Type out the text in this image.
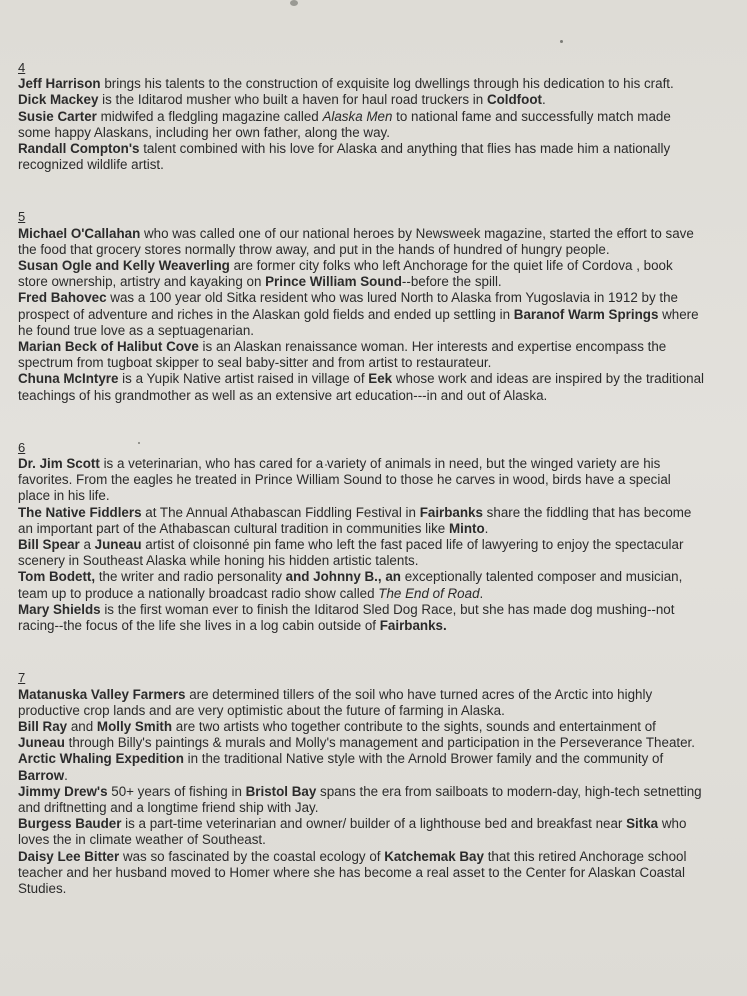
4

Jeff Harrison brings his talents to the construction of exquisite log dwellings through his dedication to his craft.

Dick Mackey is the Iditarod musher who built a haven for haul road truckers in Coldfoot.

Susie Carter midwifed a fledgling magazine called Alaska Men to national fame and successfully match made some happy Alaskans, including her own father, along the way.

Randall Compton's talent combined with his love for Alaska and anything that flies has made him a nationally recognized wildlife artist.

5

Michael O'Callahan who was called one of our national heroes by Newsweek magazine, started the effort to save the food that grocery stores normally throw away, and put in the hands of hundred of hungry people.

Susan Ogle and Kelly Weaverling are former city folks who left Anchorage for the quiet life of Cordova , book store ownership, artistry and kayaking on Prince William Sound--before the spill.

Fred Bahovec was a 100 year old Sitka resident who was lured North to Alaska from Yugoslavia in 1912 by the prospect of adventure and riches in the Alaskan gold fields and ended up settling in Baranof Warm Springs where he found true love as a septuagenarian.

Marian Beck of Halibut Cove is an Alaskan renaissance woman. Her interests and expertise encompass the spectrum from tugboat skipper to seal baby-sitter and from artist to restaurateur.

Chuna McIntyre is a Yupik Native artist raised in village of Eek whose work and ideas are inspired by the traditional teachings of his grandmother as well as an extensive art education---in and out of Alaska.

6

Dr. Jim Scott is a veterinarian, who has cared for a variety of animals in need, but the winged variety are his favorites. From the eagles he treated in Prince William Sound to those he carves in wood, birds have a special place in his life.

The Native Fiddlers at The Annual Athabascan Fiddling Festival in Fairbanks share the fiddling that has become an important part of the Athabascan cultural tradition in communities like Minto.

Bill Spear a Juneau artist of cloisonné pin fame who left the fast paced life of lawyering to enjoy the spectacular scenery in Southeast Alaska while honing his hidden artistic talents.

Tom Bodett, the writer and radio personality and Johnny B., an exceptionally talented composer and musician, team up to produce a nationally broadcast radio show called The End of Road.

Mary Shields is the first woman ever to finish the Iditarod Sled Dog Race, but she has made dog mushing--not racing--the focus of the life she lives in a log cabin outside of Fairbanks.

7

Matanuska Valley Farmers are determined tillers of the soil who have turned acres of the Arctic into highly productive crop lands and are very optimistic about the future of farming in Alaska.

Bill Ray and Molly Smith are two artists who together contribute to the sights, sounds and entertainment of Juneau through Billy's paintings & murals and Molly's management and participation in the Perseverance Theater.

Arctic Whaling Expedition in the traditional Native style with the Arnold Brower family and the community of Barrow.

Jimmy Drew's 50+ years of fishing in Bristol Bay spans the era from sailboats to modern-day, high-tech setnetting and driftnetting and a longtime friend ship with Jay.

Burgess Bauder is a part-time veterinarian and owner/ builder of a lighthouse bed and breakfast near Sitka who loves the in climate weather of Southeast.

Daisy Lee Bitter was so fascinated by the coastal ecology of Katchemak Bay that this retired Anchorage school teacher and her husband moved to Homer where she has become a real asset to the Center for Alaskan Coastal Studies.
